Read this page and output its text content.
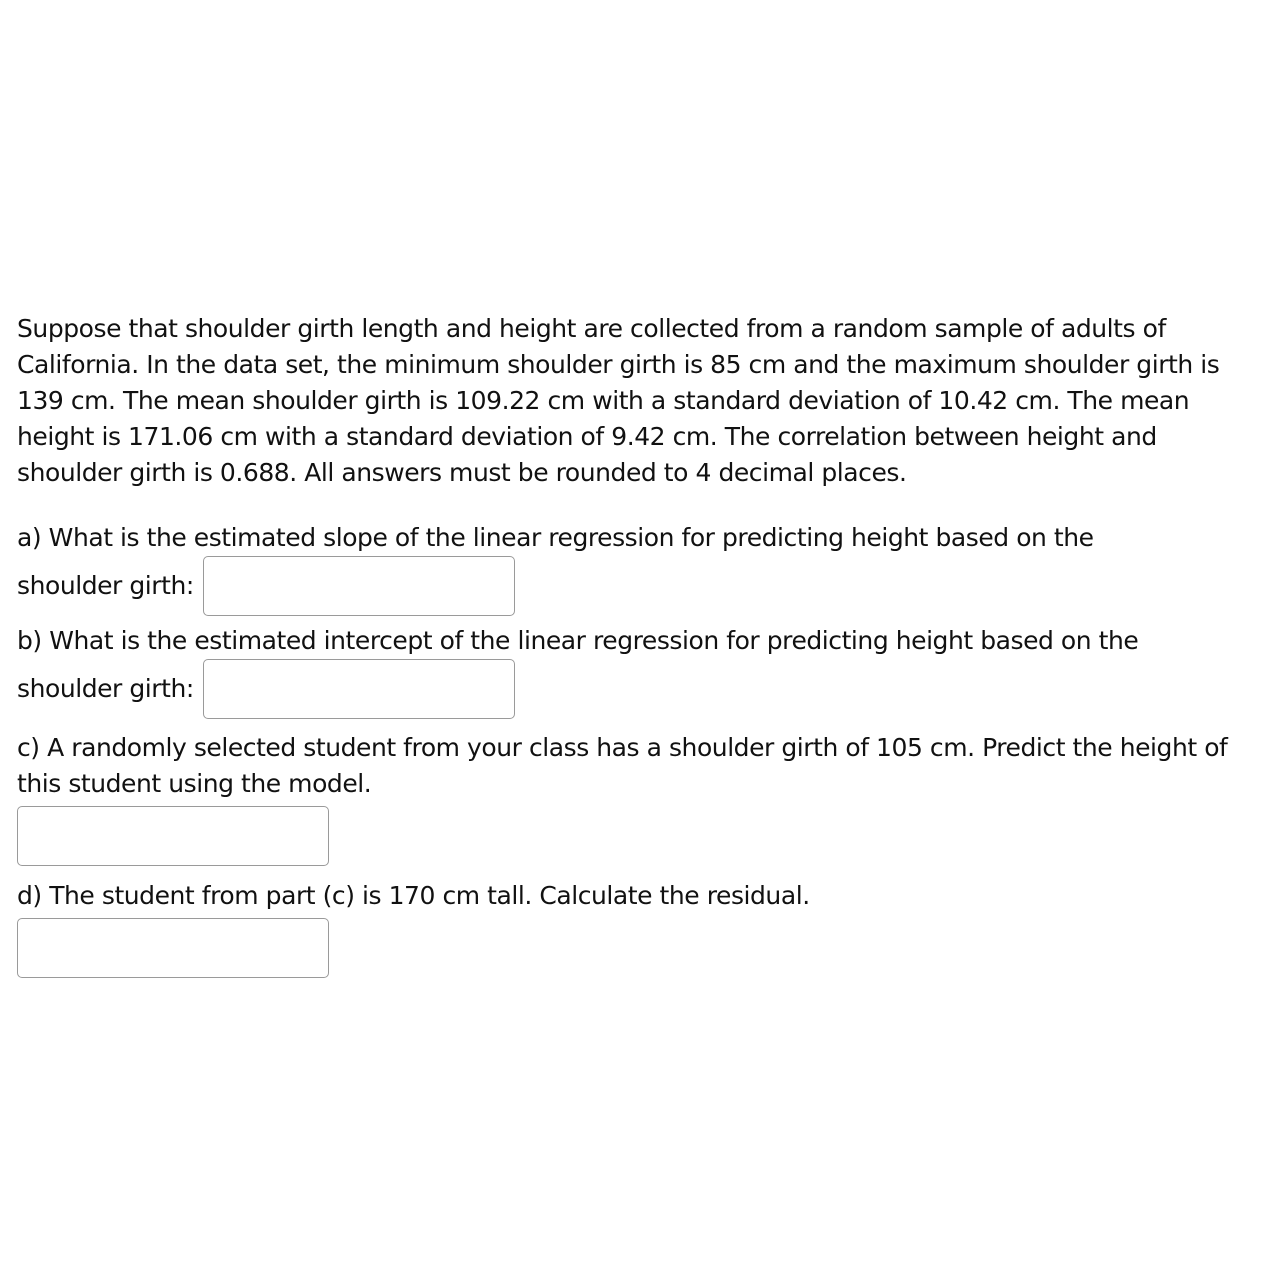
Suppose that shoulder girth length and height are collected from a random sample of adults of California. In the data set, the minimum shoulder girth is 85 cm and the maximum shoulder girth is 139 cm. The mean shoulder girth is 109.22 cm with a standard deviation of 10.42 cm. The mean height is 171.06 cm with a standard deviation of 9.42 cm. The correlation between height and shoulder girth is 0.688. All answers must be rounded to 4 decimal places.

a) What is the estimated slope of the linear regression for predicting height based on the
shoulder girth:
b) What is the estimated intercept of the linear regression for predicting height based on the
shoulder girth:
c) A randomly selected student from your class has a shoulder girth of 105 cm. Predict the height of this student using the model.
d) The student from part (c) is 170 cm tall. Calculate the residual.
